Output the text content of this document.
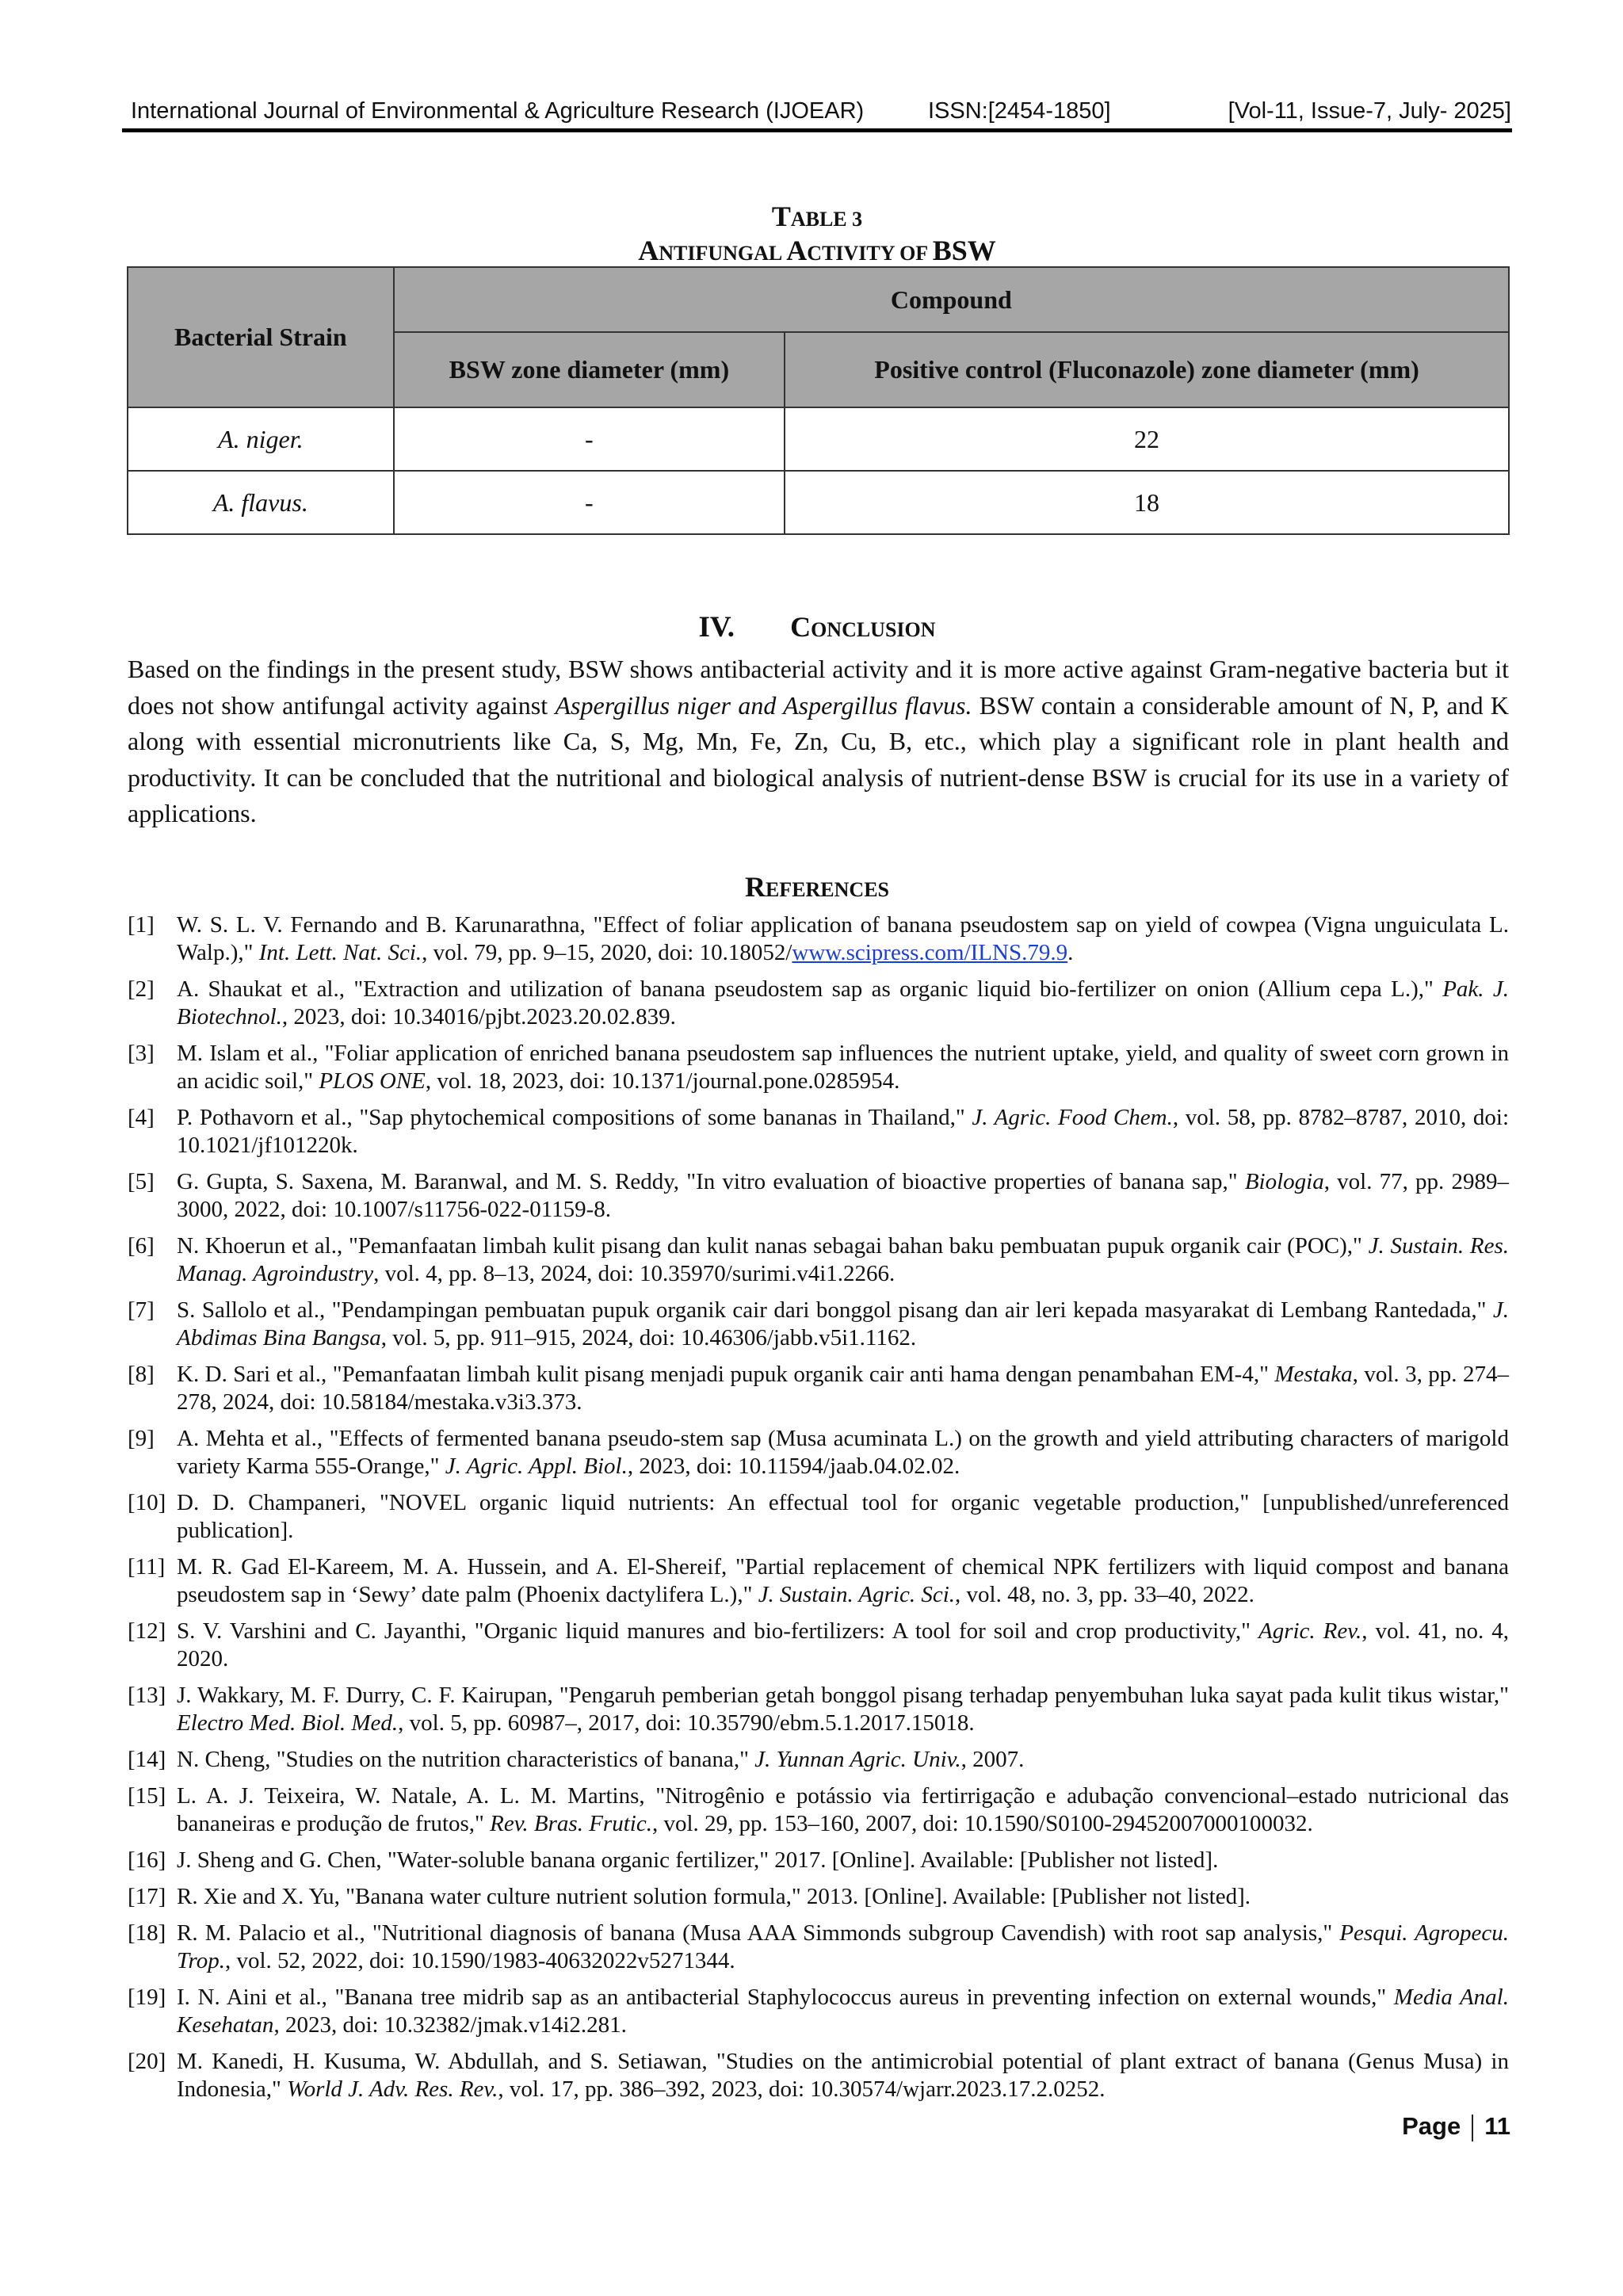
International Journal of Environmental & Agriculture Research (IJOEAR)	ISSN:[2454-1850]	[Vol-11, Issue-7, July- 2025]
TABLE 3
ANTIFUNGAL ACTIVITY OF BSW
Bacterial Strain	Compound	
	BSW zone diameter (mm)	Positive control (Fluconazole) zone diameter (mm)
A. niger.	-	22
A. flavus.	-	18
IV. CONCLUSION
Based on the findings in the present study, BSW shows antibacterial activity and it is more active against Gram-negative bacteria but it does not show antifungal activity against Aspergillus niger and Aspergillus flavus. BSW contain a considerable amount of N, P, and K along with essential micronutrients like Ca, S, Mg, Mn, Fe, Zn, Cu, B, etc., which play a significant role in plant health and productivity. It can be concluded that the nutritional and biological analysis of nutrient-dense BSW is crucial for its use in a variety of applications.
REFERENCES
[1] W. S. L. V. Fernando and B. Karunarathna, "Effect of foliar application of banana pseudostem sap on yield of cowpea (Vigna unguiculata L. Walp.)," Int. Lett. Nat. Sci., vol. 79, pp. 9–15, 2020, doi: 10.18052/www.scipress.com/ILNS.79.9.
[2] A. Shaukat et al., "Extraction and utilization of banana pseudostem sap as organic liquid bio-fertilizer on onion (Allium cepa L.)," Pak. J. Biotechnol., 2023, doi: 10.34016/pjbt.2023.20.02.839.
[3] M. Islam et al., "Foliar application of enriched banana pseudostem sap influences the nutrient uptake, yield, and quality of sweet corn grown in an acidic soil," PLOS ONE, vol. 18, 2023, doi: 10.1371/journal.pone.0285954.
[4] P. Pothavorn et al., "Sap phytochemical compositions of some bananas in Thailand," J. Agric. Food Chem., vol. 58, pp. 8782–8787, 2010, doi: 10.1021/jf101220k.
[5] G. Gupta, S. Saxena, M. Baranwal, and M. S. Reddy, "In vitro evaluation of bioactive properties of banana sap," Biologia, vol. 77, pp. 2989–3000, 2022, doi: 10.1007/s11756-022-01159-8.
[6] N. Khoerun et al., "Pemanfaatan limbah kulit pisang dan kulit nanas sebagai bahan baku pembuatan pupuk organik cair (POC)," J. Sustain. Res. Manag. Agroindustry, vol. 4, pp. 8–13, 2024, doi: 10.35970/surimi.v4i1.2266.
[7] S. Sallolo et al., "Pendampingan pembuatan pupuk organik cair dari bonggol pisang dan air leri kepada masyarakat di Lembang Rantedada," J. Abdimas Bina Bangsa, vol. 5, pp. 911–915, 2024, doi: 10.46306/jabb.v5i1.1162.
[8] K. D. Sari et al., "Pemanfaatan limbah kulit pisang menjadi pupuk organik cair anti hama dengan penambahan EM-4," Mestaka, vol. 3, pp. 274–278, 2024, doi: 10.58184/mestaka.v3i3.373.
[9] A. Mehta et al., "Effects of fermented banana pseudo-stem sap (Musa acuminata L.) on the growth and yield attributing characters of marigold variety Karma 555-Orange," J. Agric. Appl. Biol., 2023, doi: 10.11594/jaab.04.02.02.
[10] D. D. Champaneri, "NOVEL organic liquid nutrients: An effectual tool for organic vegetable production," [unpublished/unreferenced publication].
[11] M. R. Gad El-Kareem, M. A. Hussein, and A. El-Shereif, "Partial replacement of chemical NPK fertilizers with liquid compost and banana pseudostem sap in ‘Sewy’ date palm (Phoenix dactylifera L.)," J. Sustain. Agric. Sci., vol. 48, no. 3, pp. 33–40, 2022.
[12] S. V. Varshini and C. Jayanthi, "Organic liquid manures and bio-fertilizers: A tool for soil and crop productivity," Agric. Rev., vol. 41, no. 4, 2020.
[13] J. Wakkary, M. F. Durry, C. F. Kairupan, "Pengaruh pemberian getah bonggol pisang terhadap penyembuhan luka sayat pada kulit tikus wistar," Electro Med. Biol. Med., vol. 5, pp. 60987–, 2017, doi: 10.35790/ebm.5.1.2017.15018.
[14] N. Cheng, "Studies on the nutrition characteristics of banana," J. Yunnan Agric. Univ., 2007.
[15] L. A. J. Teixeira, W. Natale, A. L. M. Martins, "Nitrogênio e potássio via fertirrigação e adubação convencional–estado nutricional das bananeiras e produção de frutos," Rev. Bras. Frutic., vol. 29, pp. 153–160, 2007, doi: 10.1590/S0100-29452007000100032.
[16] J. Sheng and G. Chen, "Water-soluble banana organic fertilizer," 2017. [Online]. Available: [Publisher not listed].
[17] R. Xie and X. Yu, "Banana water culture nutrient solution formula," 2013. [Online]. Available: [Publisher not listed].
[18] R. M. Palacio et al., "Nutritional diagnosis of banana (Musa AAA Simmonds subgroup Cavendish) with root sap analysis," Pesqui. Agropecu. Trop., vol. 52, 2022, doi: 10.1590/1983-40632022v5271344.
[19] I. N. Aini et al., "Banana tree midrib sap as an antibacterial Staphylococcus aureus in preventing infection on external wounds," Media Anal. Kesehatan, 2023, doi: 10.32382/jmak.v14i2.281.
[20] M. Kanedi, H. Kusuma, W. Abdullah, and S. Setiawan, "Studies on the antimicrobial potential of plant extract of banana (Genus Musa) in Indonesia," World J. Adv. Res. Rev., vol. 17, pp. 386–392, 2023, doi: 10.30574/wjarr.2023.17.2.0252.
Page 11
